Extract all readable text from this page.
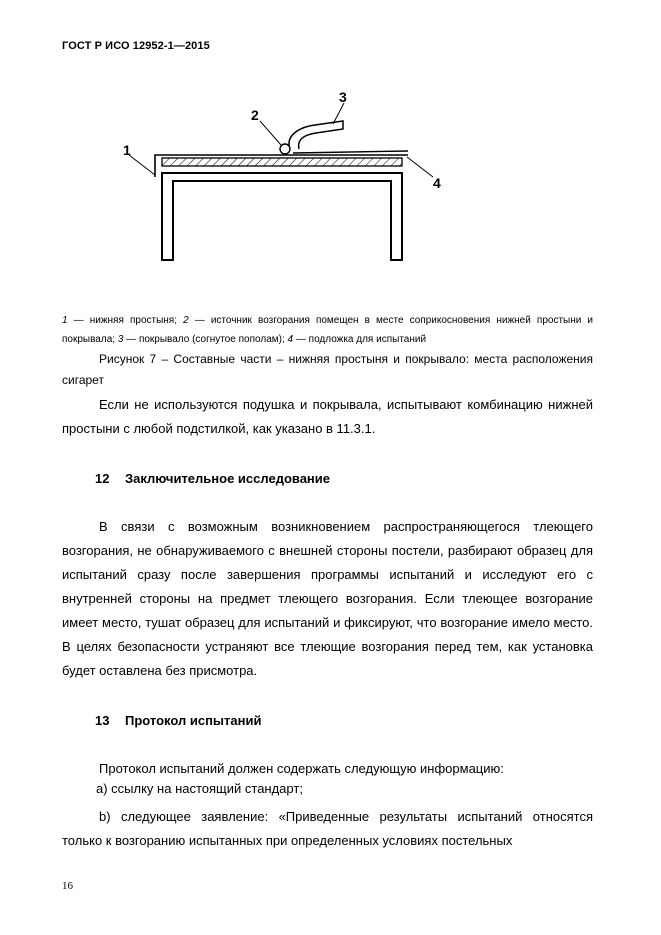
ГОСТ Р ИСО 12952-1—2015
1
2
3
4
1 — нижняя простыня; 2 — источник возгорания помещен в месте соприкосновения нижней простыни и покрывала; 3 — покрывало (согнутое пополам); 4 — подложка для испытаний
Рисунок 7 – Составные части – нижняя простыня и покрывало: места расположения сигарет
Если не используются подушка и покрывала, испытывают комбинацию нижней простыни с любой подстилкой, как указано в 11.3.1.
12 Заключительное исследование
В связи с возможным возникновением распространяющегося тлеющего возгорания, не обнаруживаемого с внешней стороны постели, разбирают образец для испытаний сразу после завершения программы испытаний и исследуют его с внутренней стороны на предмет тлеющего возгорания. Если тлеющее возгорание имеет место, тушат образец для испытаний и фиксируют, что возгорание имело место. В целях безопасности устраняют все тлеющие возгорания перед тем, как установка будет оставлена без присмотра.
13 Протокол испытаний
Протокол испытаний должен содержать следующую информацию:
a) ссылку на настоящий стандарт;
b) следующее заявление: «Приведенные результаты испытаний относятся только к возгоранию испытанных при определенных условиях постельных
16
